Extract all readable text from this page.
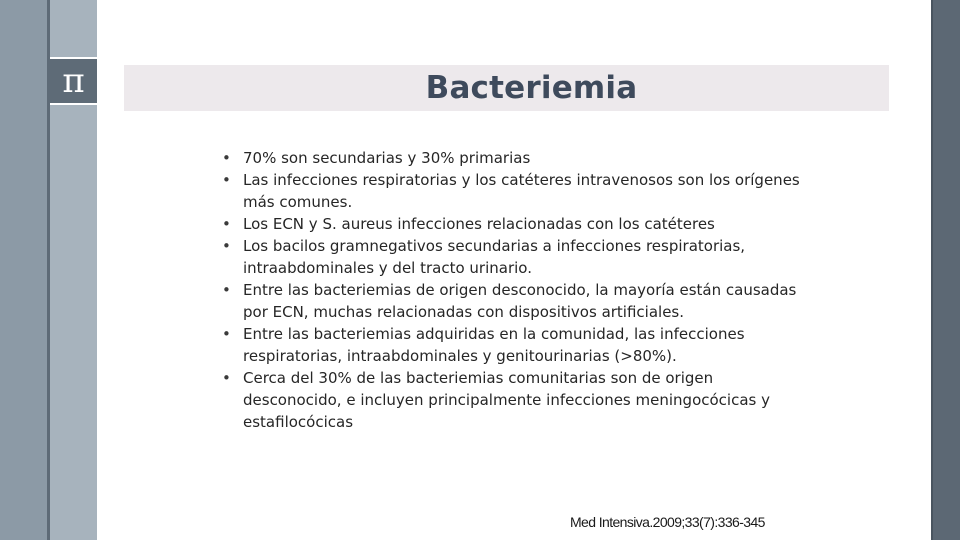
π	Bacteriemia
• 70% son secundarias y 30% primarias
• Las infecciones respiratorias y los catéteres intravenosos son los orígenes más comunes.
• Los ECN y S. aureus infecciones relacionadas con los catéteres
• Los bacilos gramnegativos secundarias a infecciones respiratorias, intraabdominales y del tracto urinario.
• Entre las bacteriemias de origen desconocido, la mayoría están causadas por ECN, muchas relacionadas con dispositivos artificiales.
• Entre las bacteriemias adquiridas en la comunidad, las infecciones respiratorias, intraabdominales y genitourinarias (>80%).
• Cerca del 30% de las bacteriemias comunitarias son de origen desconocido, e incluyen principalmente infecciones meningocócicas y estafilocócicas
Med Intensiva.2009;33(7):336-345
